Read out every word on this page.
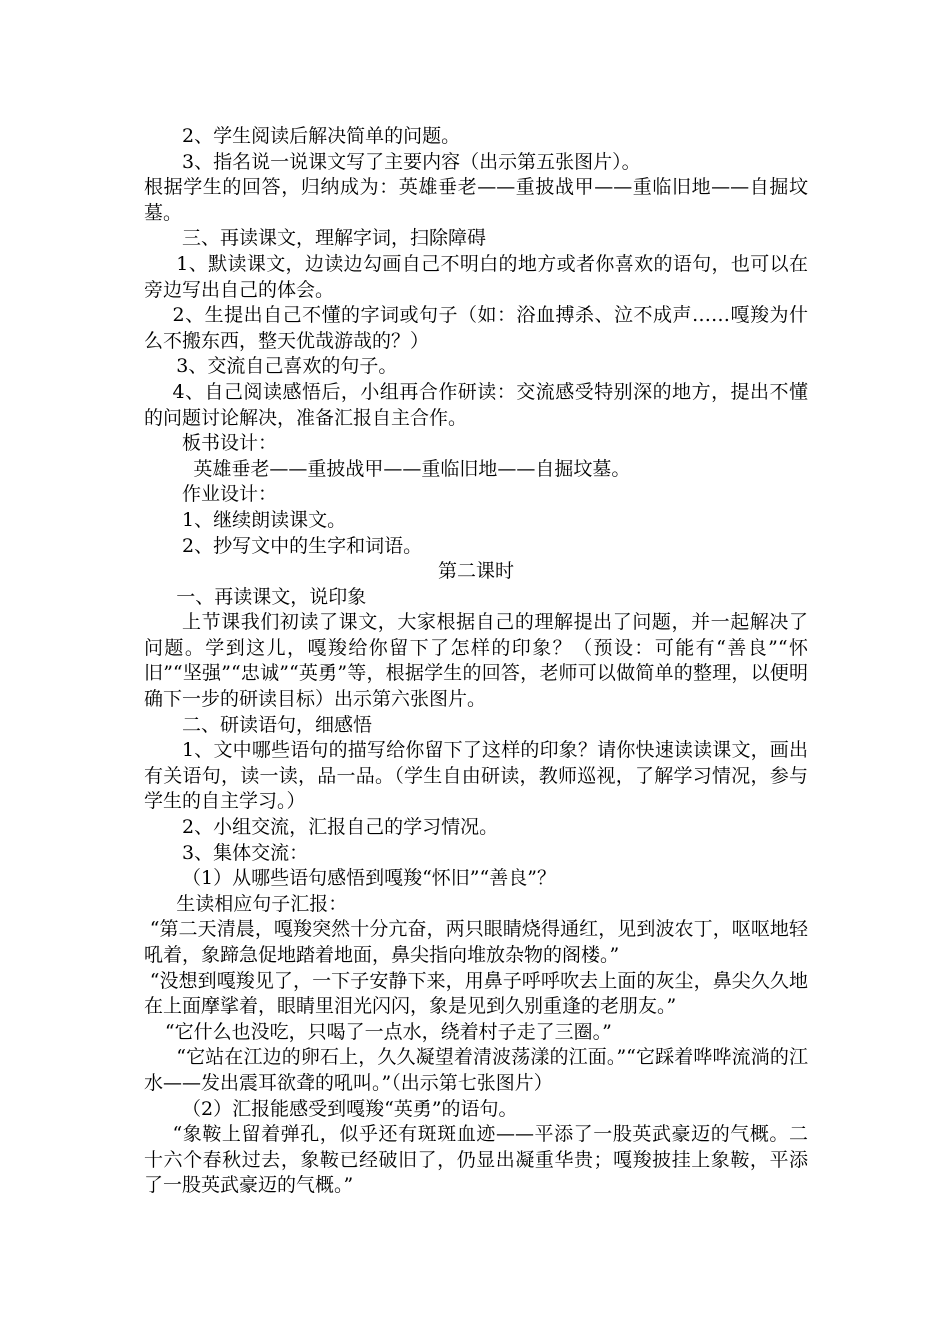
2、学生阅读后解决简单的问题。

3、指名说一说课文写了主要内容（出示第五张图片）。

根据学生的回答，归纳成为：英雄垂老——重披战甲——重临旧地——自掘坟墓。

三、再读课文，理解字词，扫除障碍

1、默读课文，边读边勾画自己不明白的地方或者你喜欢的语句，也可以在旁边写出自己的体会。

2、生提出自己不懂的字词或句子（如：浴血搏杀、泣不成声……嘎羧为什么不搬东西，整天优哉游哉的？）

3、交流自己喜欢的句子。

4、自己阅读感悟后，小组再合作研读：交流感受特别深的地方，提出不懂的问题讨论解决，准备汇报自主合作。

板书设计：

英雄垂老——重披战甲——重临旧地——自掘坟墓。

作业设计：

1、继续朗读课文。

2、抄写文中的生字和词语。

第二课时

一、再读课文，说印象

上节课我们初读了课文，大家根据自己的理解提出了问题，并一起解决了问题。学到这儿，嘎羧给你留下了怎样的印象？（预设：可能有“善良”“怀旧”“坚强”“忠诚”“英勇”等，根据学生的回答，老师可以做简单的整理，以便明确下一步的研读目标）出示第六张图片。

二、研读语句，细感悟

1、文中哪些语句的描写给你留下了这样的印象？请你快速读读课文，画出有关语句，读一读，品一品。（学生自由研读，教师巡视，了解学习情况，参与学生的自主学习。）

2、小组交流，汇报自己的学习情况。

3、集体交流：

（1）从哪些语句感悟到嘎羧“怀旧”“善良”？

生读相应句子汇报：

“第二天清晨，嘎羧突然十分亢奋，两只眼睛烧得通红，见到波农丁，呕呕地轻吼着，象蹄急促地踏着地面，鼻尖指向堆放杂物的阁楼。”

“没想到嘎羧见了，一下子安静下来，用鼻子呼呼吹去上面的灰尘，鼻尖久久地在上面摩挲着，眼睛里泪光闪闪，象是见到久别重逢的老朋友。”

“它什么也没吃，只喝了一点水，绕着村子走了三圈。”

“它站在江边的卵石上，久久凝望着清波荡漾的江面。”“它踩着哗哗流淌的江水——发出震耳欲聋的吼叫。”（出示第七张图片）

（2）汇报能感受到嘎羧“英勇”的语句。

“象鞍上留着弹孔，似乎还有斑斑血迹——平添了一股英武豪迈的气概。二十六个春秋过去，象鞍已经破旧了，仍显出凝重华贵；嘎羧披挂上象鞍，平添了一股英武豪迈的气概。”
